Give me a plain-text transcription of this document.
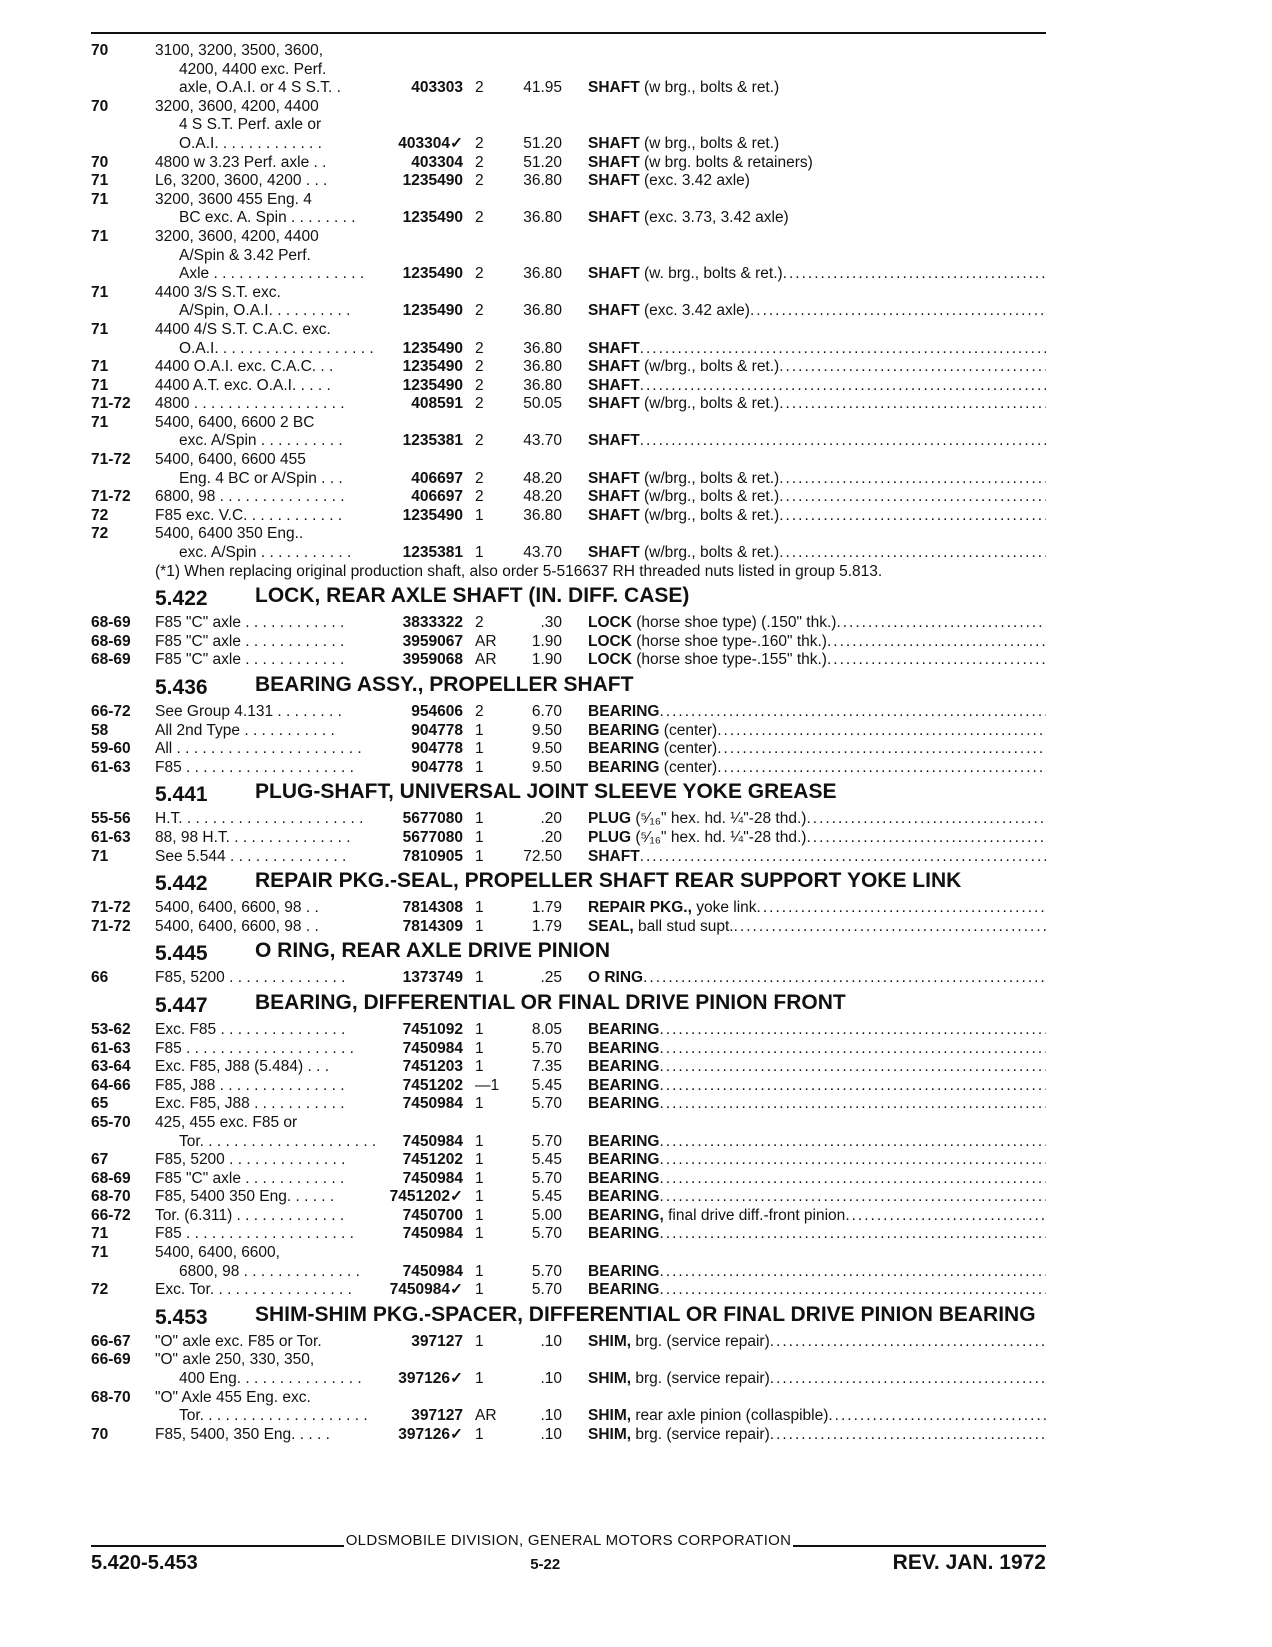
70	3100, 3200, 3500, 3600,
4200, 4400 exc. Perf.
axle, O.A.I. or 4 S S.T. .	403303 2	41.95	SHAFT (w brg., bolts & ret.)
70	3200, 3600, 4200, 4400
4 S S.T. Perf. axle or
O.A.I. . . . . . . . . . . . .	403304✓ 2	51.20	SHAFT (w brg., bolts & ret.)
70	4800 w 3.23 Perf. axle . .	403304 2	51.20	SHAFT (w brg. bolts & retainers)
71	L6, 3200, 3600, 4200 . . .	1235490 2	36.80	SHAFT (exc. 3.42 axle)
71	3200, 3600 455 Eng. 4
BC exc. A. Spin . . . . . . . .	1235490 2	36.80	SHAFT (exc. 3.73, 3.42 axle)
71	3200, 3600, 4200, 4400
A/Spin & 3.42 Perf.
Axle . . . . . . . . . . . . . . . . . .	1235490 2	36.80	SHAFT (w. brg., bolts & ret.)
.....
71	4400 3/S S.T. exc.
A/Spin, O.A.I. . . . . . . . . .	1235490 2	36.80	SHAFT (exc. 3.42 axle)
.....
71	4400 4/S S.T. C.A.C. exc.
O.A.I. . . . . . . . . . . . . . . . . . .	1235490 2	36.80	SHAFT
.....
71	4400 O.A.I. exc. C.A.C. . .	1235490 2	36.80	SHAFT (w/brg., bolts & ret.)
.....
71	4400 A.T. exc. O.A.I. . . . .	1235490 2	36.80	SHAFT
.....
71-72	4800 . . . . . . . . . . . . . . . . . .	408591 2	50.05	SHAFT (w/brg., bolts & ret.)
.....
71	5400, 6400, 6600 2 BC
exc. A/Spin . . . . . . . . . .	1235381 2	43.70	SHAFT
.....
71-72	5400, 6400, 6600 455
Eng. 4 BC or A/Spin . . .	406697 2	48.20	SHAFT (w/brg., bolts & ret.)
.....
71-72	6800, 98 . . . . . . . . . . . . . . .	406697 2	48.20	SHAFT (w/brg., bolts & ret.)
.....
72	F85 exc. V.C. . . . . . . . . . . .	1235490 1	36.80	SHAFT (w/brg., bolts & ret.)
.....
72	5400, 6400 350 Eng..
exc. A/Spin . . . . . . . . . . .	1235381 1	43.70	SHAFT (w/brg., bolts & ret.)
.....
(*1) When replacing original production shaft, also order 5-516637 RH threaded nuts listed in group 5.813.
5.422	LOCK, REAR AXLE SHAFT (IN. DIFF. CASE)
68-69	F85 "C" axle . . . . . . . . . . . .	3833322 2	.30	LOCK (horse shoe type) (.150" thk.)
.....
68-69	F85 "C" axle . . . . . . . . . . . .	3959067 AR	1.90	LOCK (horse shoe type-.160" thk.)
.....
68-69	F85 "C" axle . . . . . . . . . . . .	3959068 AR	1.90	LOCK (horse shoe type-.155" thk.)
.....
5.436	BEARING ASSY., PROPELLER SHAFT
66-72	See Group 4.131 . . . . . . . .	954606 2	6.70	BEARING
.....
58	All 2nd Type . . . . . . . . . . .	904778 1	9.50	BEARING (center)
.....
59-60	All . . . . . . . . . . . . . . . . . . . . . .	904778 1	9.50	BEARING (center)
.....
61-63	F85 . . . . . . . . . . . . . . . . . . . .	904778 1	9.50	BEARING (center)
.....
5.441	PLUG-SHAFT, UNIVERSAL JOINT SLEEVE YOKE GREASE
55-56	H.T. . . . . . . . . . . . . . . . . . . . . .	5677080 1	.20	PLUG (⁵⁄₁₆" hex. hd. ¼"-28 thd.)
.....
61-63	88, 98 H.T. . . . . . . . . . . . . . .	5677080 1	.20	PLUG (⁵⁄₁₆" hex. hd. ¼"-28 thd.)
.....
71	See 5.544 . . . . . . . . . . . . . .	7810905 1	72.50	SHAFT
.....
5.442	REPAIR PKG.-SEAL, PROPELLER SHAFT REAR SUPPORT YOKE LINK
71-72	5400, 6400, 6600, 98 . .	7814308 1	1.79	REPAIR PKG., yoke link
.....
71-72	5400, 6400, 6600, 98 . .	7814309 1	1.79	SEAL, ball stud supt.
.....
5.445	O RING, REAR AXLE DRIVE PINION
66	F85, 5200 . . . . . . . . . . . . . .	1373749 1	.25	O RING
.....
5.447	BEARING, DIFFERENTIAL OR FINAL DRIVE PINION FRONT
53-62	Exc. F85 . . . . . . . . . . . . . . .	7451092 1	8.05	BEARING
.....
61-63	F85 . . . . . . . . . . . . . . . . . . . .	7450984 1	5.70	BEARING
.....
63-64	Exc. F85, J88 (5.484) . . .	7451203 1	7.35	BEARING
.....
64-66	F85, J88 . . . . . . . . . . . . . . .	7451202 —1	5.45	BEARING
.....
65	Exc. F85, J88 . . . . . . . . . . .	7450984 1	5.70	BEARING
.....
65-70	425, 455 exc. F85 or
Tor. . . . . . . . . . . . . . . . . . . . .	7450984 1	5.70	BEARING
.....
67	F85, 5200 . . . . . . . . . . . . . .	7451202 1	5.45	BEARING
.....
68-69	F85 "C" axle . . . . . . . . . . . .	7450984 1	5.70	BEARING
.....
68-70	F85, 5400 350 Eng. . . . . .	7451202✓ 1	5.45	BEARING
.....
66-72	Tor. (6.311) . . . . . . . . . . . . .	7450700 1	5.00	BEARING, final drive diff.-front pinion
.....
71	F85 . . . . . . . . . . . . . . . . . . . .	7450984 1	5.70	BEARING
.....
71	5400, 6400, 6600,
6800, 98 . . . . . . . . . . . . . .	7450984 1	5.70	BEARING
.....
72	Exc. Tor. . . . . . . . . . . . . . . . .	7450984✓ 1	5.70	BEARING
.....
5.453	SHIM-SHIM PKG.-SPACER, DIFFERENTIAL OR FINAL DRIVE PINION BEARING
66-67	"O" axle exc. F85 or Tor.	397127 1	.10	SHIM, brg. (service repair)
.....
66-69	"O" axle 250, 330, 350,
400 Eng. . . . . . . . . . . . . . .	397126✓ 1	.10	SHIM, brg. (service repair)
.....
68-70	"O" Axle 455 Eng. exc.
Tor. . . . . . . . . . . . . . . . . . . .	397127 AR	.10	SHIM, rear axle pinion (collaspible)
.....
70	F85, 5400, 350 Eng. . . . .	397126✓ 1	.10	SHIM, brg. (service repair)
.....
OLDSMOBILE DIVISION, GENERAL MOTORS CORPORATION
5.420-5.453	5-22	REV. JAN. 1972
